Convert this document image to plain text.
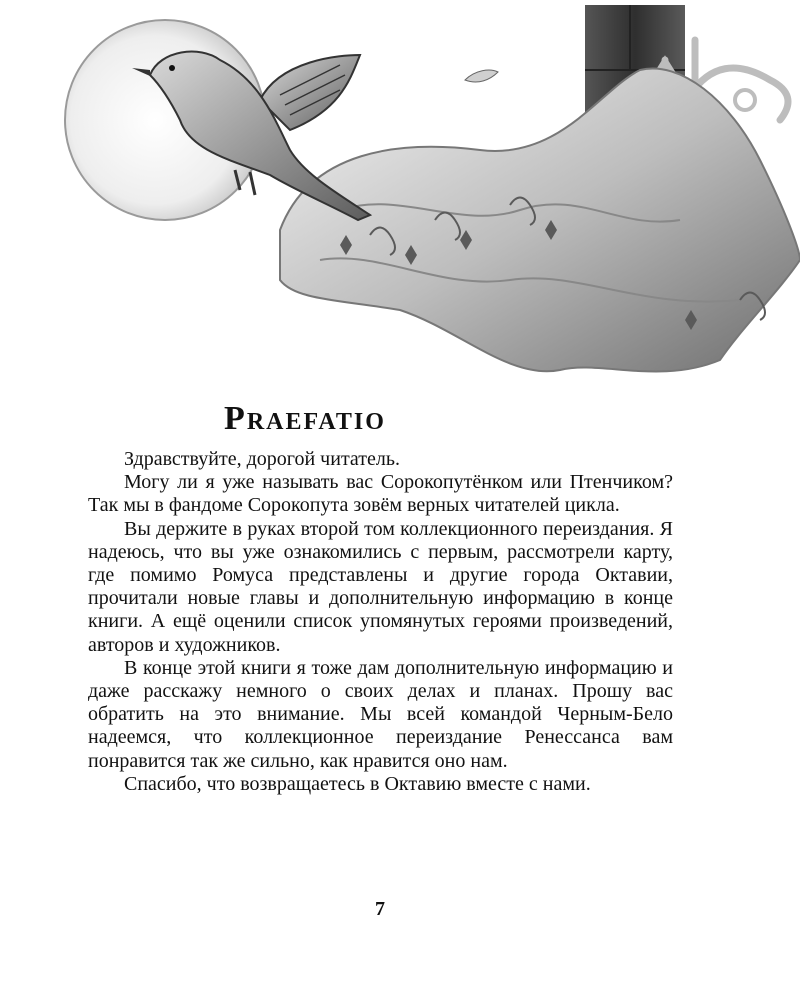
Praefatio

Здравствуйте, дорогой читатель.

Могу ли я уже называть вас Сорокопутёнком или Птенчиком? Так мы в фандоме Сорокопута зовём верных читателей цикла.

Вы держите в руках второй том коллекционного переиздания. Я надеюсь, что вы уже ознакомились с первым, рассмотрели карту, где помимо Ромуса представлены и другие города Октавии, прочитали новые главы и дополнительную информацию в конце книги. А ещё оценили список упомянутых героями произведений, авторов и художников.

В конце этой книги я тоже дам дополнительную информацию и даже расскажу немного о своих делах и планах. Прошу вас обратить на это внимание. Мы всей командой Черным-Бело надеемся, что коллекционное переиздание Ренессанса вам понравится так же сильно, как нравится оно нам.

Спасибо, что возвращаетесь в Октавию вместе с нами.

7
